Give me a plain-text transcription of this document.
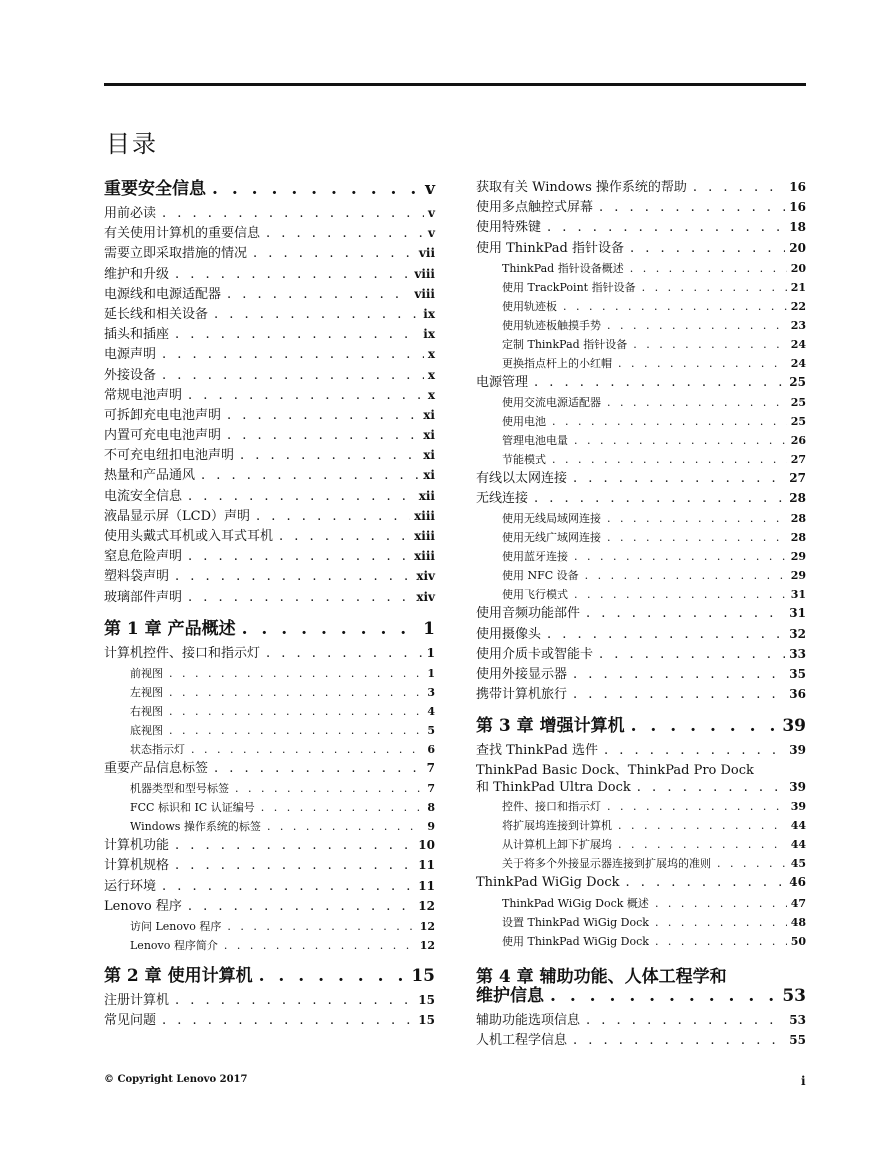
目录
重要安全信息 . . .	v
用前必读 . . .	v
有关使用计算机的重要信息 . . .	v
需要立即采取措施的情况 . . .	vii
维护和升级 . . .	viii
电源线和电源适配器 . . .	viii
延长线和相关设备 . . .	ix
插头和插座 . . .	ix
电源声明 . . .	x
外接设备 . . .	x
常规电池声明 . . .	x
可拆卸充电电池声明 . . .	xi
内置可充电电池声明 . . .	xi
不可充电纽扣电池声明 . . .	xi
热量和产品通风 . . .	xi
电流安全信息 . . .	xii
液晶显示屏（LCD）声明 . . .	xiii
使用头戴式耳机或入耳式耳机 . . .	xiii
窒息危险声明 . . .	xiii
塑料袋声明 . . .	xiv
玻璃部件声明 . . .	xiv
第 1 章 产品概述 . . .	1
计算机控件、接口和指示灯 . . .	1
前视图 . . .	1
左视图 . . .	3
右视图 . . .	4
底视图 . . .	5
状态指示灯 . . .	6
重要产品信息标签 . . .	7
机器类型和型号标签 . . .	7
FCC 标识和 IC 认证编号 . . .	8
Windows 操作系统的标签 . . .	9
计算机功能 . . .	10
计算机规格 . . .	11
运行环境 . . .	11
Lenovo 程序 . . .	12
访问 Lenovo 程序 . . .	12
Lenovo 程序简介 . . .	12
第 2 章 使用计算机 . . .	15
注册计算机 . . .	15
常见问题 . . .	15
获取有关 Windows 操作系统的帮助 . . .	16
使用多点触控式屏幕 . . .	16
使用特殊键 . . .	18
使用 ThinkPad 指针设备 . . .	20
ThinkPad 指针设备概述 . . .	20
使用 TrackPoint 指针设备 . . .	21
使用轨迹板 . . .	22
使用轨迹板触摸手势 . . .	23
定制 ThinkPad 指针设备 . . .	24
更换指点杆上的小红帽 . . .	24
电源管理 . . .	25
使用交流电源适配器 . . .	25
使用电池 . . .	25
管理电池电量 . . .	26
节能模式 . . .	27
有线以太网连接 . . .	27
无线连接 . . .	28
使用无线局域网连接 . . .	28
使用无线广域网连接 . . .	28
使用蓝牙连接 . . .	29
使用 NFC 设备 . . .	29
使用飞行模式 . . .	31
使用音频功能部件 . . .	31
使用摄像头 . . .	32
使用介质卡或智能卡 . . .	33
使用外接显示器 . . .	35
携带计算机旅行 . . .	36
第 3 章 增强计算机 . . .	39
查找 ThinkPad 选件 . . .	39
ThinkPad Basic Dock、ThinkPad Pro Dock
和 ThinkPad Ultra Dock . . .	39
控件、接口和指示灯 . . .	39
将扩展坞连接到计算机 . . .	44
从计算机上卸下扩展坞 . . .	44
关于将多个外接显示器连接到扩展坞的准则 . . .	45
ThinkPad WiGig Dock . . .	46
ThinkPad WiGig Dock 概述 . . .	47
设置 ThinkPad WiGig Dock . . .	48
使用 ThinkPad WiGig Dock . . .	50
第 4 章 辅助功能、人体工程学和
维护信息 . . .	53
辅助功能选项信息 . . .	53
人机工程学信息 . . .	55
© Copyright Lenovo 2017	i
